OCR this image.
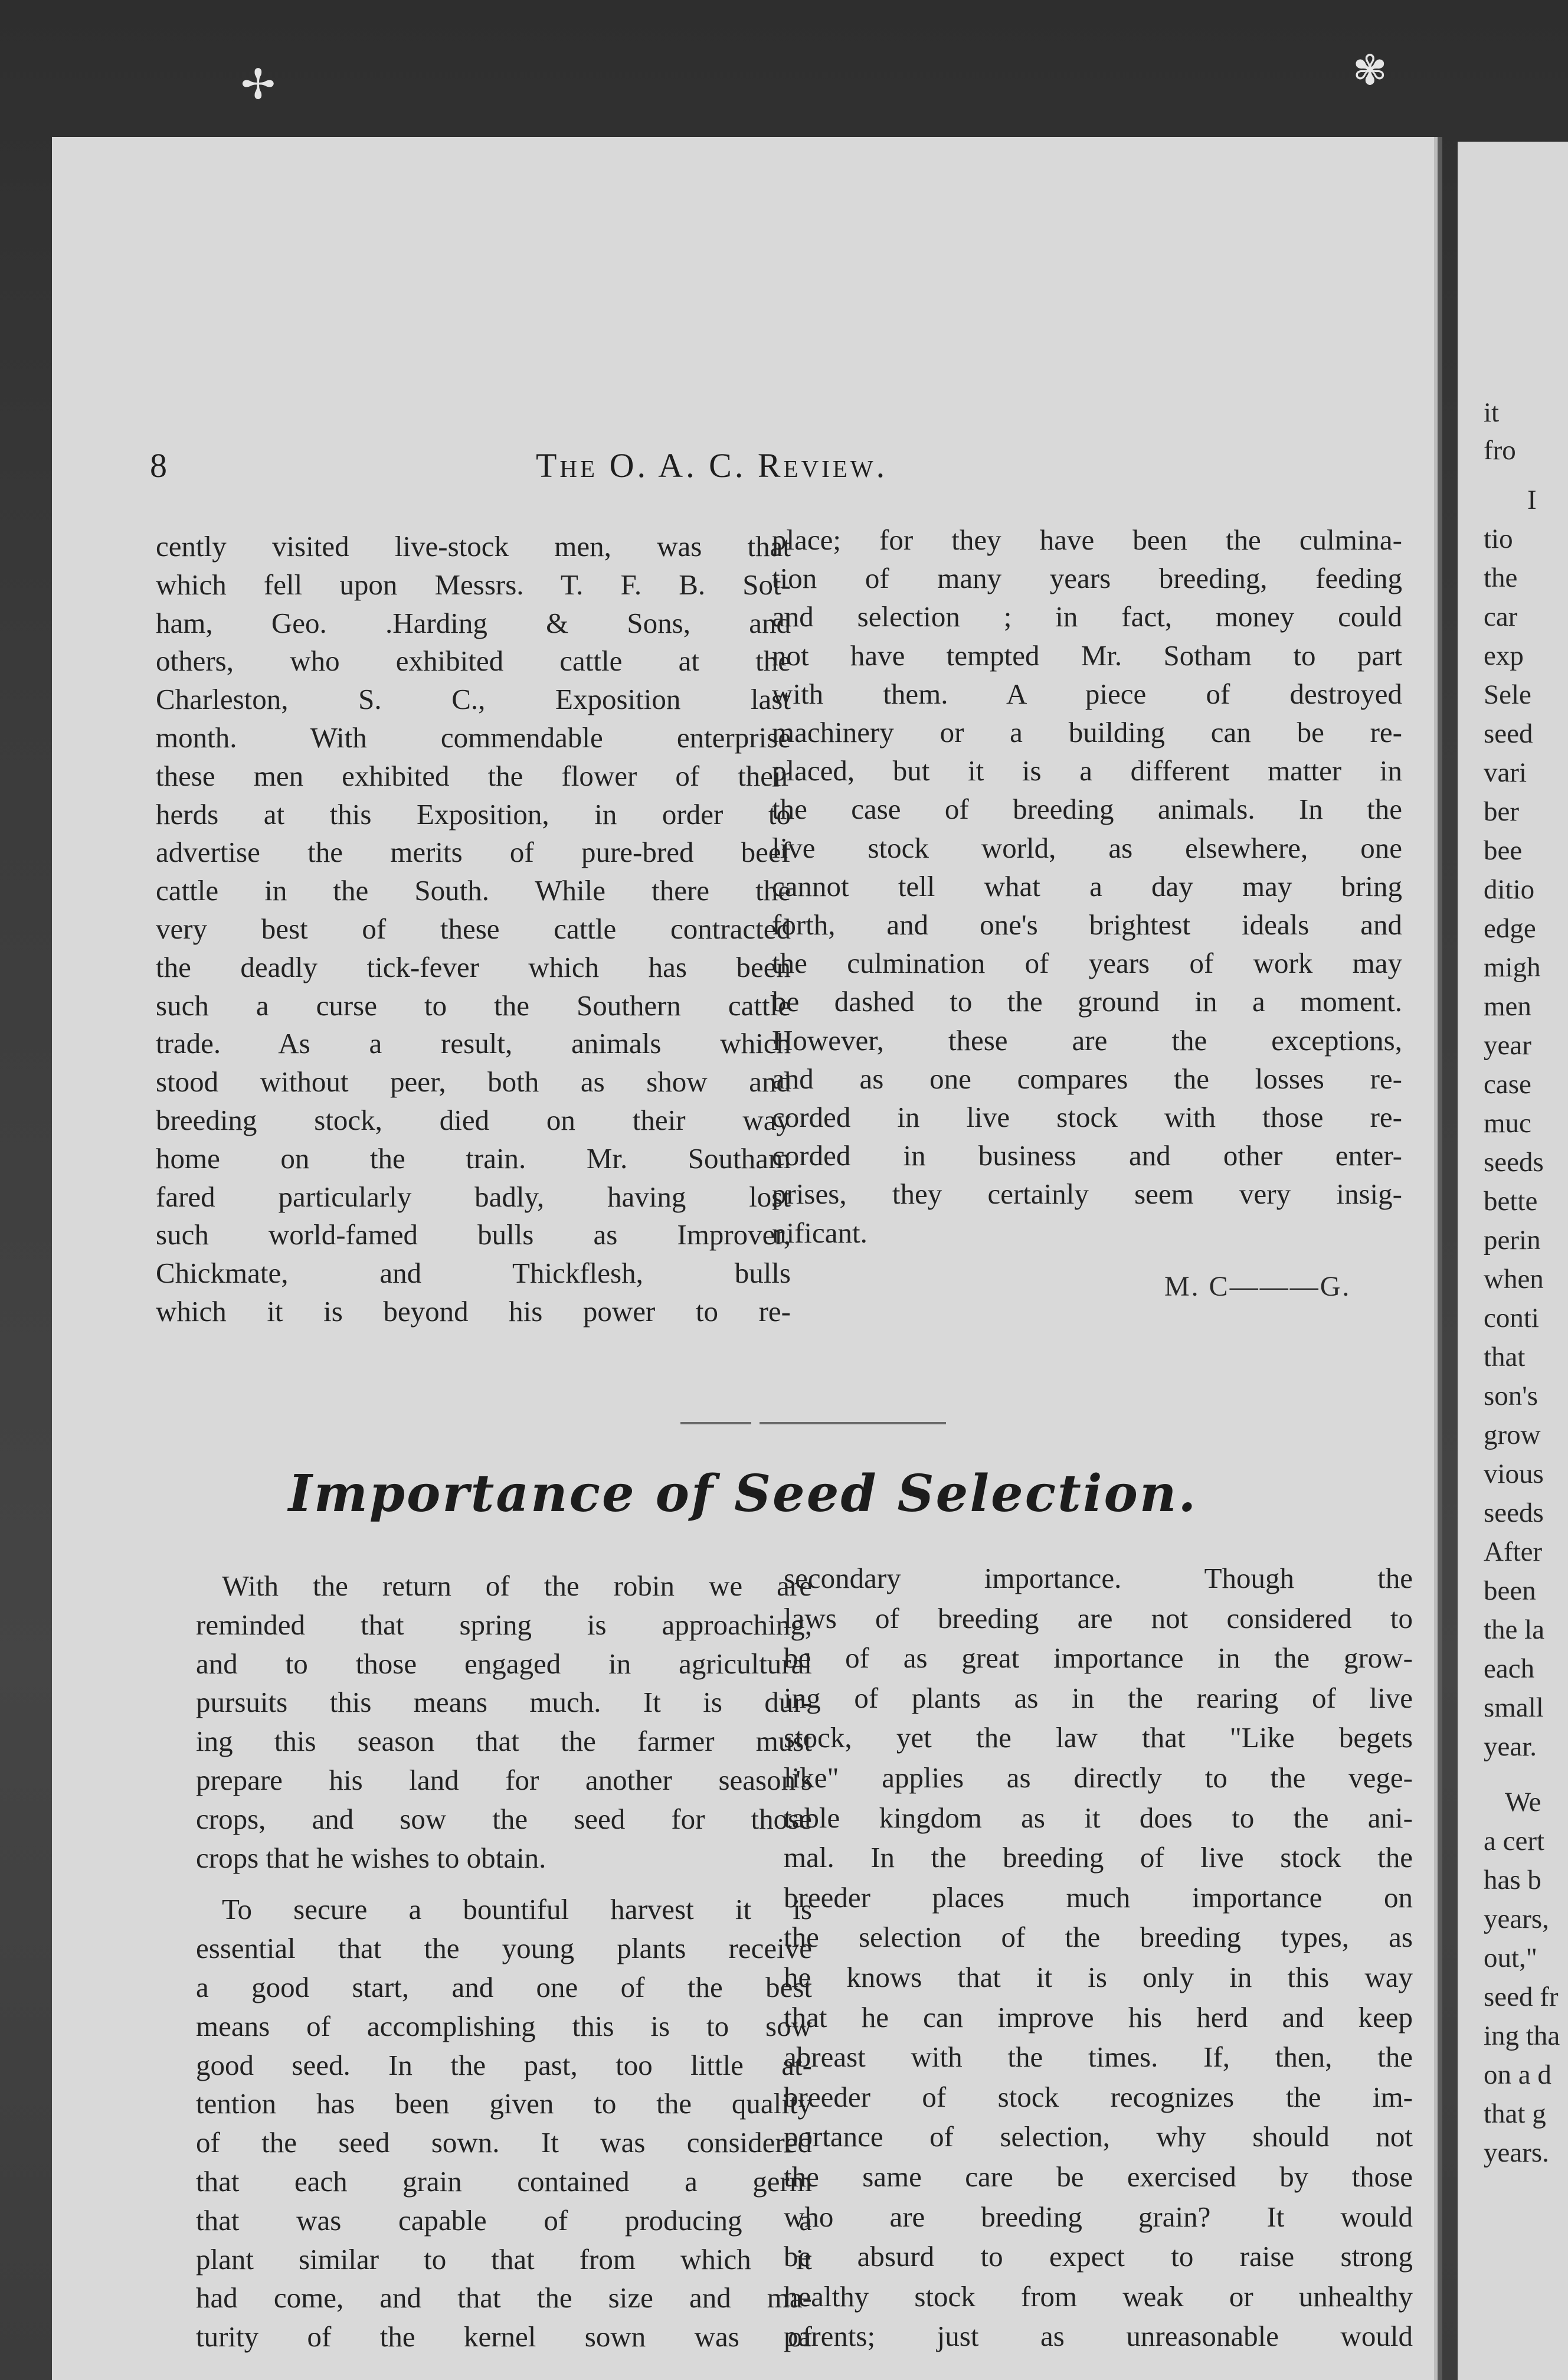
✢	✾
8	The O. A. C. Review.

cently visited live-stock men, was that

which fell upon Messrs. T. F. B. Sot-

ham, Geo. .Harding & Sons, and

others, who exhibited cattle at the

Charleston, S. C., Exposition last

month. With commendable enterprise

these men exhibited the flower of their

herds at this Exposition, in order to

advertise the merits of pure-bred beef

cattle in the South. While there the

very best of these cattle contracted

the deadly tick-fever which has been

such a curse to the Southern cattle

trade. As a result, animals which

stood without peer, both as show and

breeding stock, died on their way

home on the train. Mr. Southam

fared particularly badly, having lost

such world-famed bulls as Improver,

Chickmate, and Thickflesh, bulls

which it is beyond his power to re-

place; for they have been the culmina-

tion of many years breeding, feeding

and selection ; in fact, money could

not have tempted Mr. Sotham to part

with them. A piece of destroyed

machinery or a building can be re-

placed, but it is a different matter in

the case of breeding animals. In the

live stock world, as elsewhere, one

cannot tell what a day may bring

forth, and one's brightest ideals and

the culmination of years of work may

be dashed to the ground in a moment.

However, these are the exceptions,

and as one compares the losses re-

corded in live stock with those re-

corded in business and other enter-

prises, they certainly seem very insig-

nificant.

M. C———G.
Importance of Seed Selection.

With the return of the robin we are

reminded that spring is approaching,

and to those engaged in agricultural

pursuits this means much. It is dur-

ing this season that the farmer must

prepare his land for another season's

crops, and sow the seed for those

crops that he wishes to obtain.

To secure a bountiful harvest it is

essential that the young plants receive

a good start, and one of the best

means of accomplishing this is to sow

good seed. In the past, too little at-

tention has been given to the quality

of the seed sown. It was considered

that each grain contained a germ

that was capable of producing a

plant similar to that from which it

had come, and that the size and ma-

turity of the kernel sown was of

secondary importance. Though the

laws of breeding are not considered to

be of as great importance in the grow-

ing of plants as in the rearing of live

stock, yet the law that "Like begets

like" applies as directly to the vege-

table kingdom as it does to the ani-

mal. In the breeding of live stock the

breeder places much importance on

the selection of the breeding types, as

he knows that it is only in this way

that he can improve his herd and keep

abreast with the times. If, then, the

breeder of stock recognizes the im-

portance of selection, why should not

the same care be exercised by those

who are breeding grain? It would

be absurd to expect to raise strong

healthy stock from weak or unhealthy

parents; just as unreasonable would

it
fro
I
tio
the
car
exp
Sele
seed
vari
ber
bee
ditio
edge
migh
men
year
case
muc
seeds
bette
perin
when
conti
that
son's
grow
vious
seeds
After
been
the la
each
small
year.
We
a cert
has b
years,
out,"
seed fr
ing tha
on a d
that g
years.
